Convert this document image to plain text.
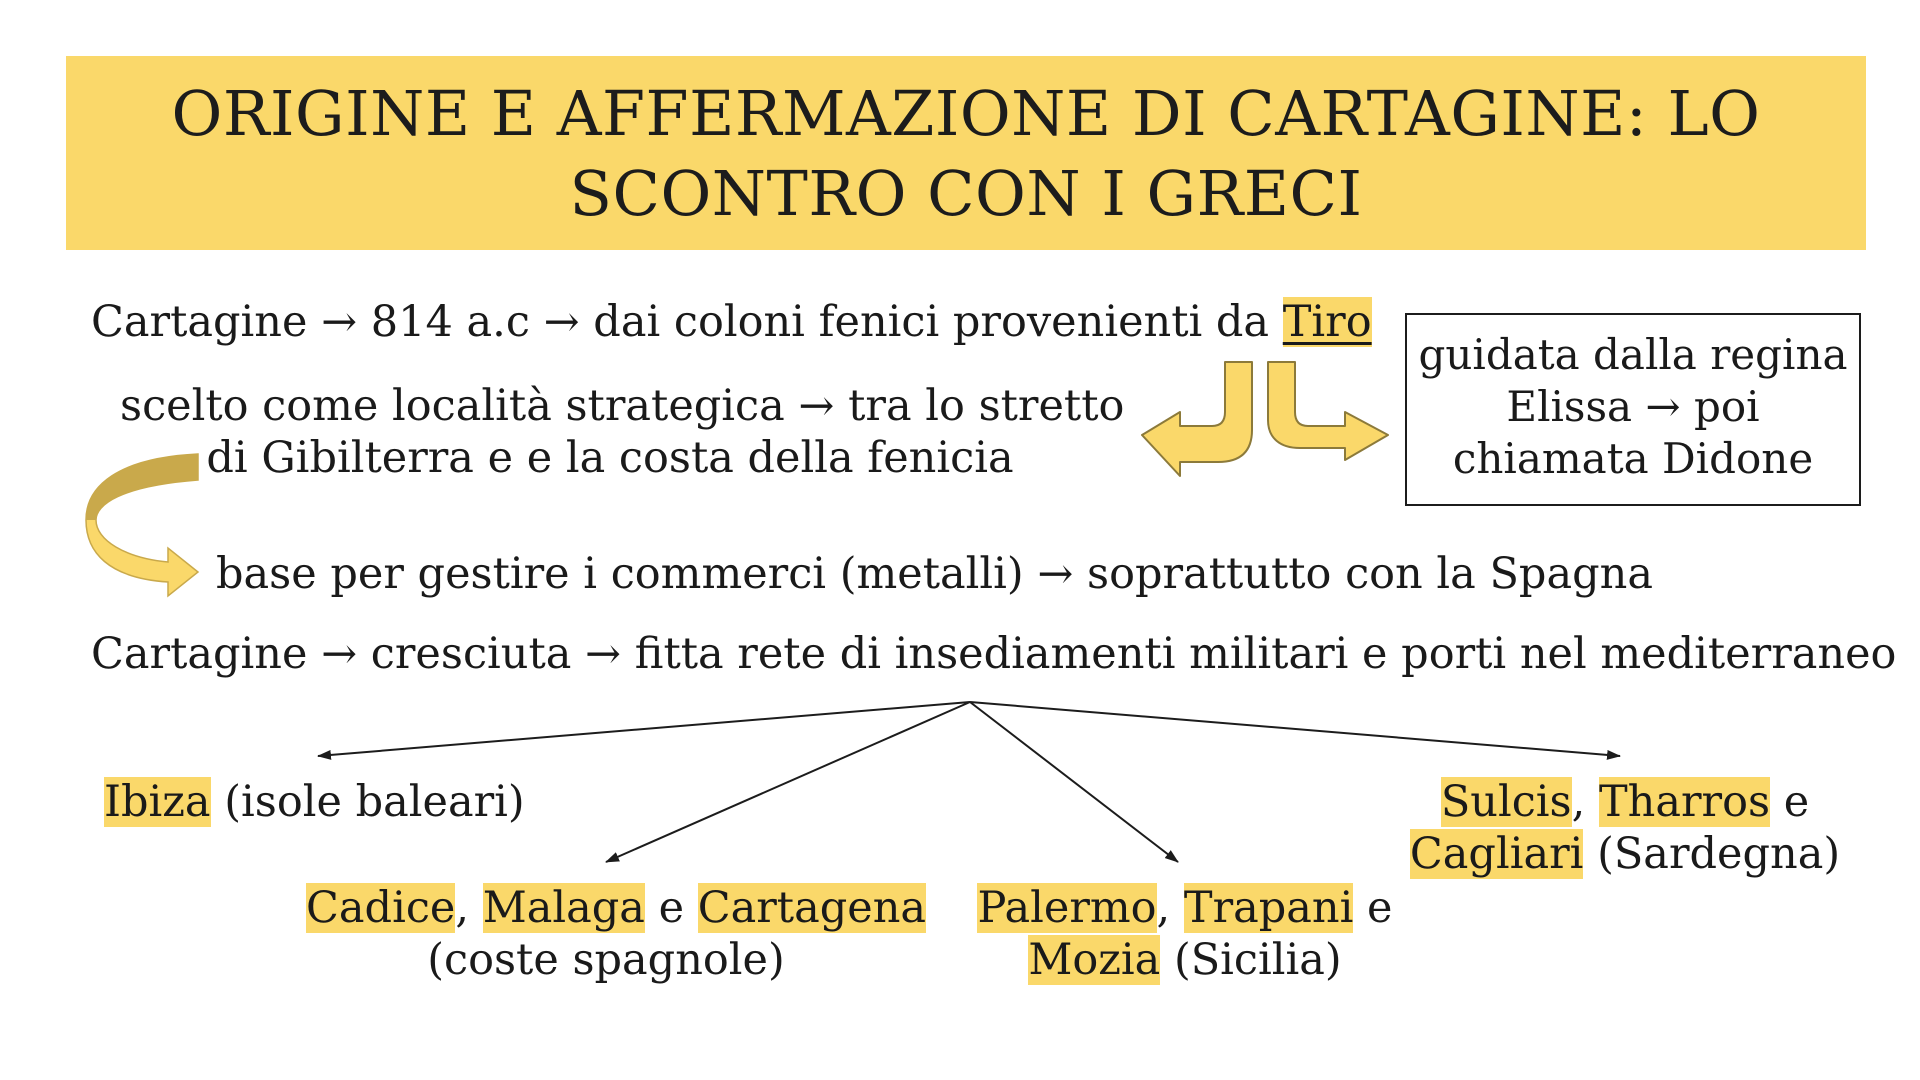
ORIGINE E AFFERMAZIONE DI CARTAGINE: LO
SCONTRO CON I GRECI
Cartagine → 814 a.c → dai coloni fenici provenienti da Tiro
scelto come località strategica → tra lo stretto
di Gibilterra e e la costa della fenicia
guidata dalla regina
Elissa → poi
chiamata Didone
base per gestire i commerci (metalli) → soprattutto con la Spagna
Cartagine → cresciuta → fitta rete di insediamenti militari e porti nel mediterraneo
Ibiza (isole baleari)
Cadice, Malaga e Cartagena
(coste spagnole)
Palermo, Trapani e
Mozia (Sicilia)
Sulcis, Tharros e
Cagliari (Sardegna)
